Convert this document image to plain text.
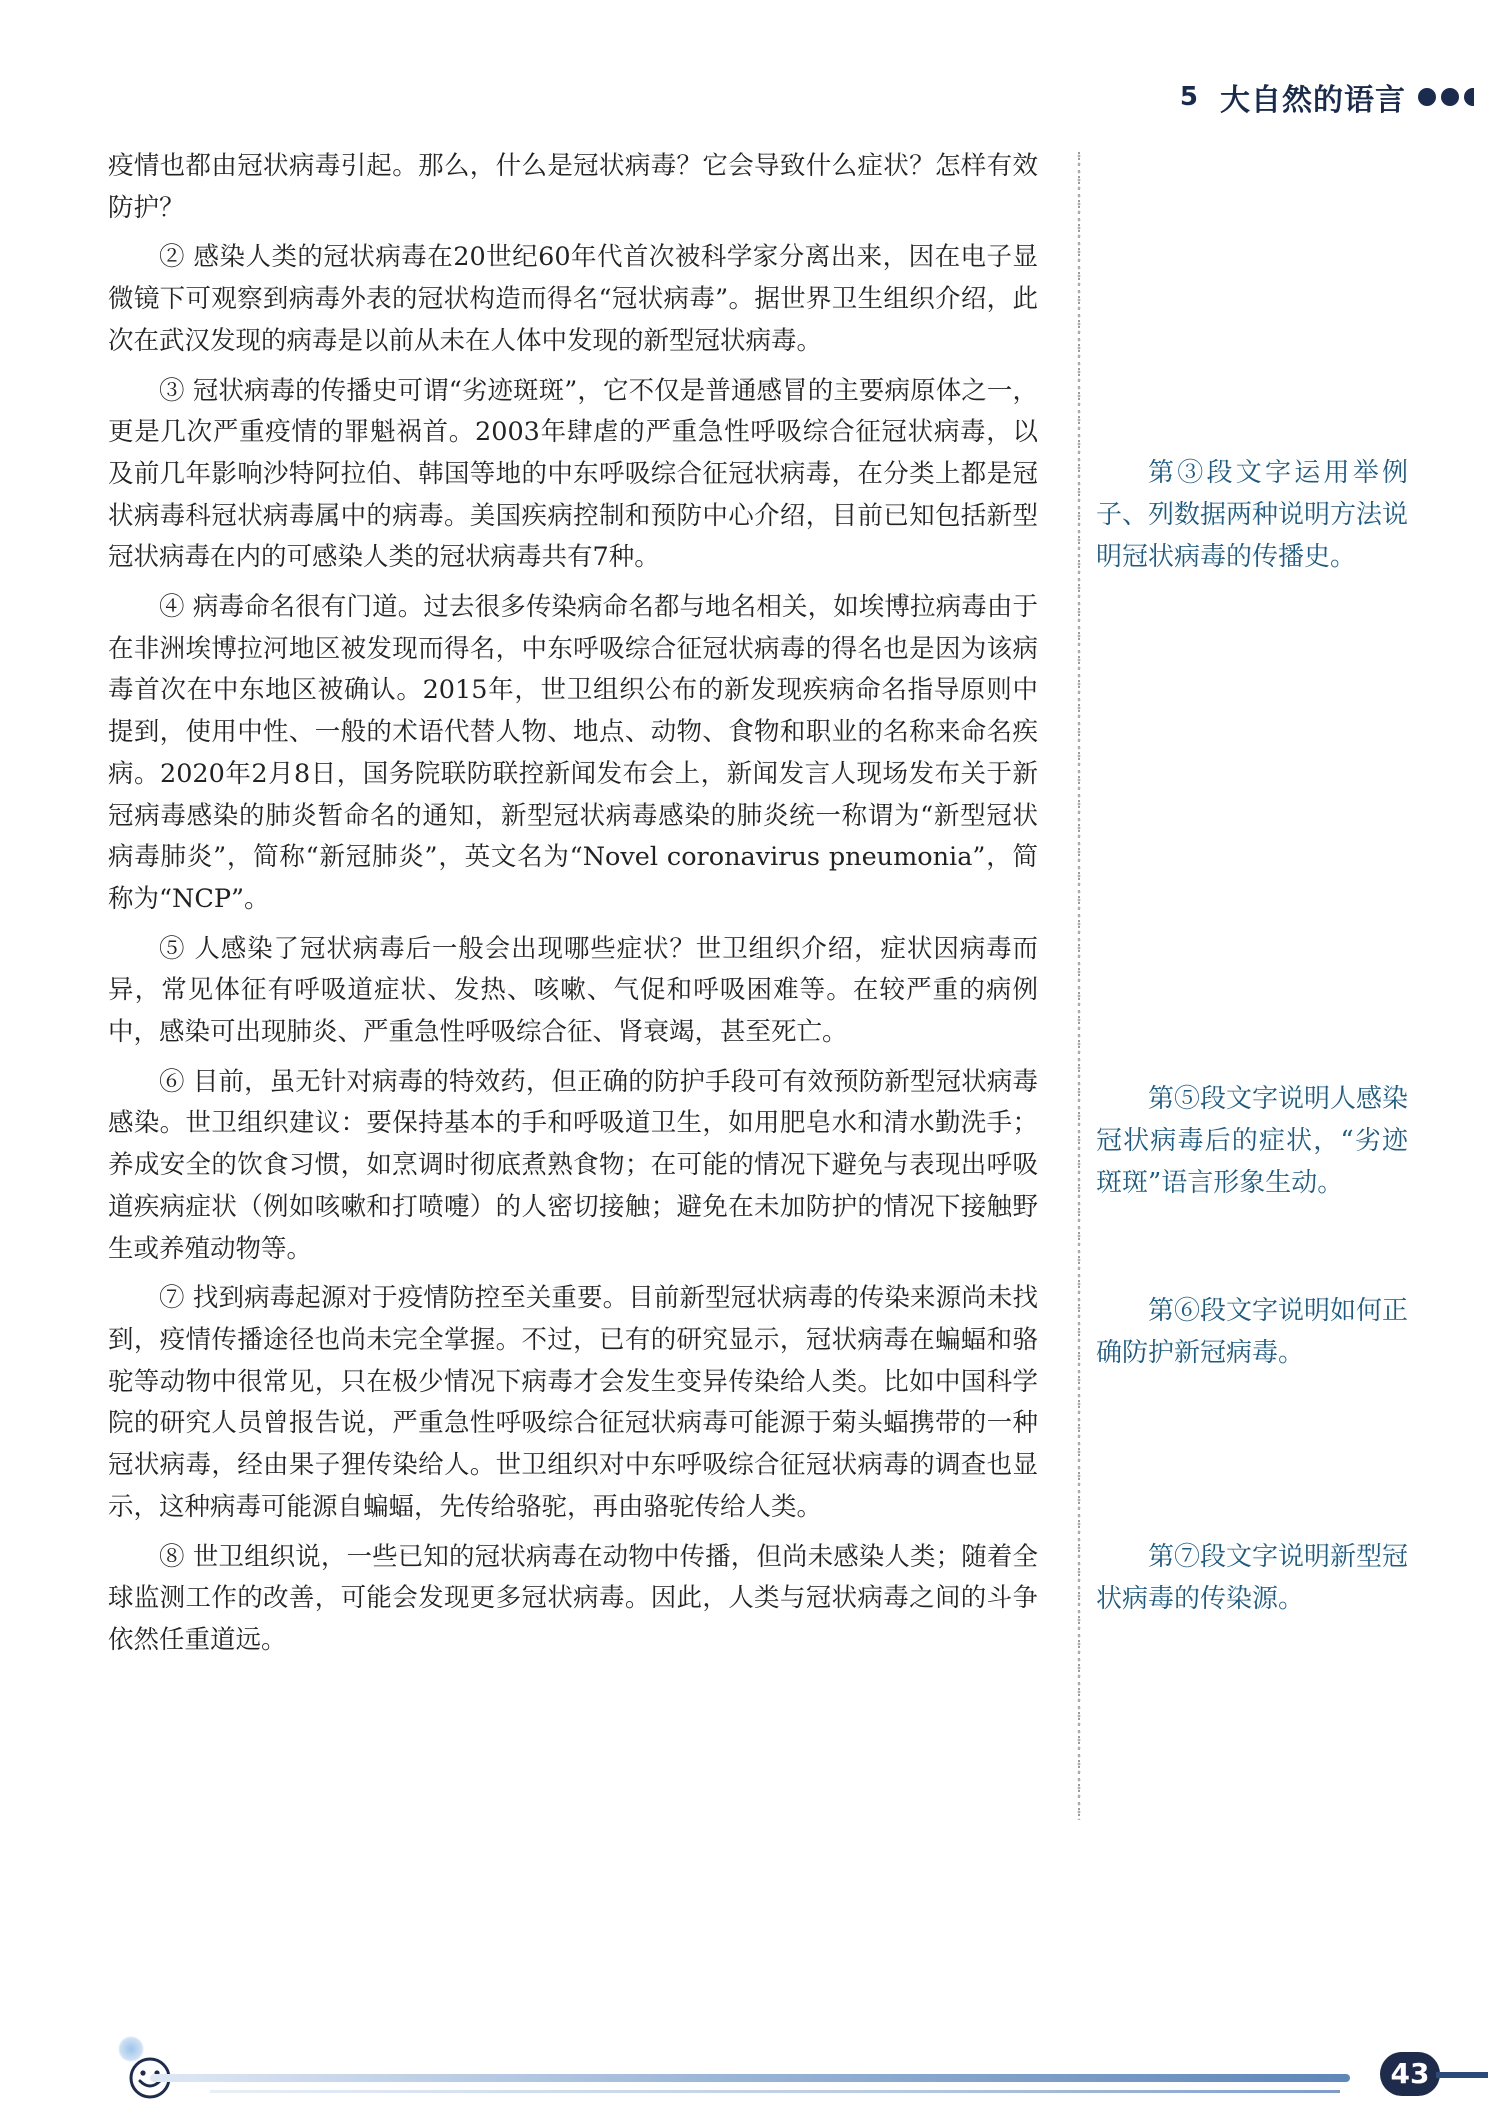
5 大自然的语言

疫情也都由冠状病毒引起。那么，什么是冠状病毒？它会导致什么症状？怎样有效防护？

② 感染人类的冠状病毒在20世纪60年代首次被科学家分离出来，因在电子显微镜下可观察到病毒外表的冠状构造而得名“冠状病毒”。据世界卫生组织介绍，此次在武汉发现的病毒是以前从未在人体中发现的新型冠状病毒。

③ 冠状病毒的传播史可谓“劣迹斑斑”，它不仅是普通感冒的主要病原体之一，更是几次严重疫情的罪魁祸首。2003年肆虐的严重急性呼吸综合征冠状病毒，以及前几年影响沙特阿拉伯、韩国等地的中东呼吸综合征冠状病毒，在分类上都是冠状病毒科冠状病毒属中的病毒。美国疾病控制和预防中心介绍，目前已知包括新型冠状病毒在内的可感染人类的冠状病毒共有7种。

④ 病毒命名很有门道。过去很多传染病命名都与地名相关，如埃博拉病毒由于在非洲埃博拉河地区被发现而得名，中东呼吸综合征冠状病毒的得名也是因为该病毒首次在中东地区被确认。2015年，世卫组织公布的新发现疾病命名指导原则中提到，使用中性、一般的术语代替人物、地点、动物、食物和职业的名称来命名疾病。2020年2月8日，国务院联防联控新闻发布会上，新闻发言人现场发布关于新冠病毒感染的肺炎暂命名的通知，新型冠状病毒感染的肺炎统一称谓为“新型冠状病毒肺炎”，简称“新冠肺炎”，英文名为“Novel coronavirus pneumonia”，简称为“NCP”。

⑤ 人感染了冠状病毒后一般会出现哪些症状？世卫组织介绍，症状因病毒而异，常见体征有呼吸道症状、发热、咳嗽、气促和呼吸困难等。在较严重的病例中，感染可出现肺炎、严重急性呼吸综合征、肾衰竭，甚至死亡。

⑥ 目前，虽无针对病毒的特效药，但正确的防护手段可有效预防新型冠状病毒感染。世卫组织建议：要保持基本的手和呼吸道卫生，如用肥皂水和清水勤洗手；养成安全的饮食习惯，如烹调时彻底煮熟食物；在可能的情况下避免与表现出呼吸道疾病症状（例如咳嗽和打喷嚏）的人密切接触；避免在未加防护的情况下接触野生或养殖动物等。

⑦ 找到病毒起源对于疫情防控至关重要。目前新型冠状病毒的传染来源尚未找到，疫情传播途径也尚未完全掌握。不过，已有的研究显示，冠状病毒在蝙蝠和骆驼等动物中很常见，只在极少情况下病毒才会发生变异传染给人类。比如中国科学院的研究人员曾报告说，严重急性呼吸综合征冠状病毒可能源于菊头蝠携带的一种冠状病毒，经由果子狸传染给人。世卫组织对中东呼吸综合征冠状病毒的调查也显示，这种病毒可能源自蝙蝠，先传给骆驼，再由骆驼传给人类。

⑧ 世卫组织说，一些已知的冠状病毒在动物中传播，但尚未感染人类；随着全球监测工作的改善，可能会发现更多冠状病毒。因此，人类与冠状病毒之间的斗争依然任重道远。

第③段文字运用举例子、列数据两种说明方法说明冠状病毒的传播史。
第⑤段文字说明人感染冠状病毒后的症状，“劣迹斑斑”语言形象生动。
第⑥段文字说明如何正确防护新冠病毒。
第⑦段文字说明新型冠状病毒的传染源。
43
